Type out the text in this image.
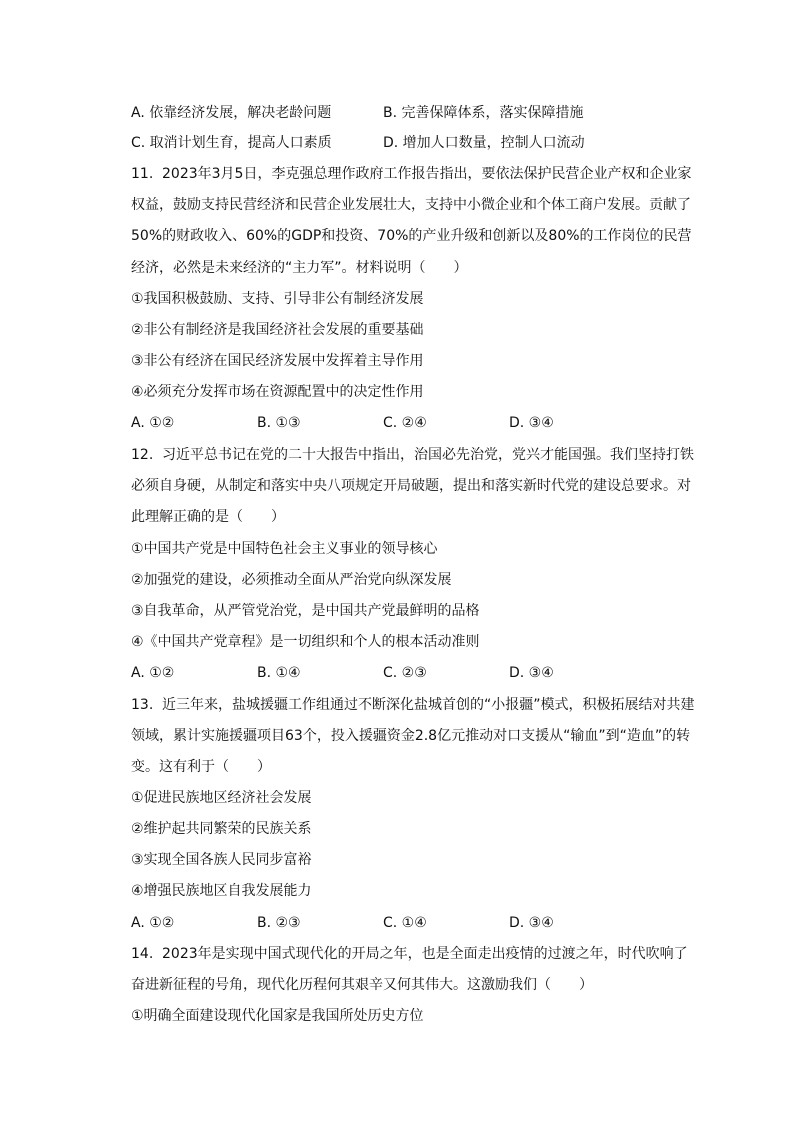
A. 依靠经济发展，解决老龄问题	B. 完善保障体系，落实保障措施
C. 取消计划生育，提高人口素质	D. 增加人口数量，控制人口流动
11. 2023年3月5日，李克强总理作政府工作报告指出，要依法保护民营企业产权和企业家权益，鼓励支持民营经济和民营企业发展壮大，支持中小微企业和个体工商户发展。贡献了50%的财政收入、60%的GDP和投资、70%的产业升级和创新以及80%的工作岗位的民营经济，必然是未来经济的“主力军”。材料说明（　　）
①我国积极鼓励、支持、引导非公有制经济发展
②非公有制经济是我国经济社会发展的重要基础
③非公有经济在国民经济发展中发挥着主导作用
④必须充分发挥市场在资源配置中的决定性作用
A. ①②	B. ①③	C. ②④	D. ③④
12. 习近平总书记在党的二十大报告中指出，治国必先治党，党兴才能国强。我们坚持打铁必须自身硬，从制定和落实中央八项规定开局破题，提出和落实新时代党的建设总要求。对此理解正确的是（　　）
①中国共产党是中国特色社会主义事业的领导核心
②加强党的建设，必须推动全面从严治党向纵深发展
③自我革命，从严管党治党，是中国共产党最鲜明的品格
④《中国共产党章程》是一切组织和个人的根本活动准则
A. ①②	B. ①④	C. ②③	D. ③④
13. 近三年来，盐城援疆工作组通过不断深化盐城首创的“小报疆”模式，积极拓展结对共建领域，累计实施援疆项目63个，投入援疆资金2.8亿元推动对口支援从“输血”到“造血”的转变。这有利于（　　）
①促进民族地区经济社会发展
②维护起共同繁荣的民族关系
③实现全国各族人民同步富裕
④增强民族地区自我发展能力
A. ①②	B. ②③	C. ①④	D. ③④
14. 2023年是实现中国式现代化的开局之年，也是全面走出疫情的过渡之年，时代吹响了奋进新征程的号角，现代化历程何其艰辛又何其伟大。这激励我们（　　）
①明确全面建设现代化国家是我国所处历史方位
